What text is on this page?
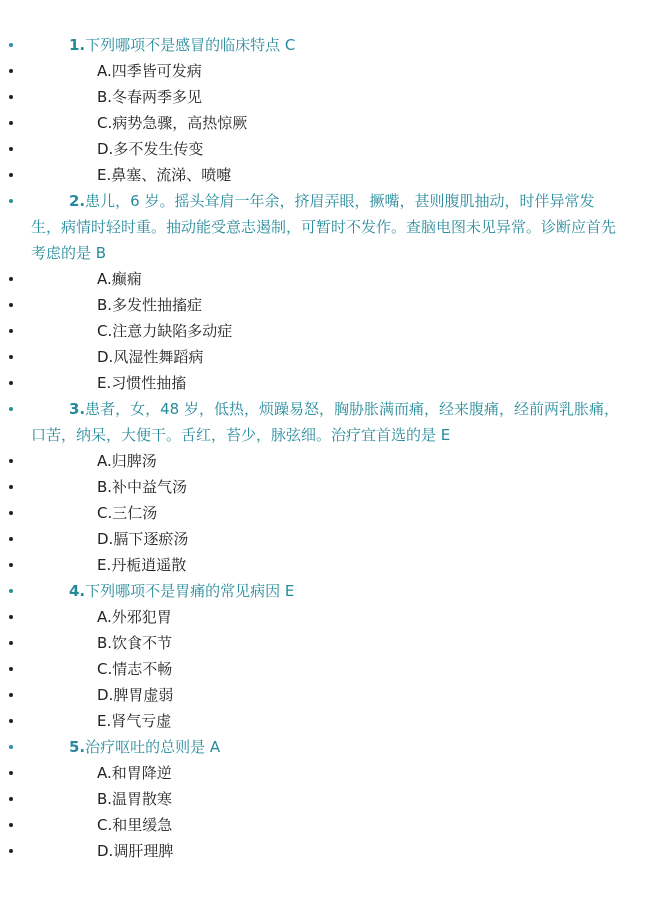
1.下列哪项不是感冒的临床特点 C
A.四季皆可发病
B.冬春两季多见
C.病势急骤，高热惊厥
D.多不发生传变
E.鼻塞、流涕、喷嚏
2.患儿，6 岁。摇头耸肩一年余，挤眉弄眼，撅嘴，甚则腹肌抽动，时伴异常发生，病情时轻时重。抽动能受意志遏制，可暂时不发作。查脑电图未见异常。诊断应首先考虑的是 B
A.癫痫
B.多发性抽搐症
C.注意力缺陷多动症
D.风湿性舞蹈病
E.习惯性抽搐
3.患者，女，48 岁，低热，烦躁易怒，胸胁胀满而痛，经来腹痛，经前两乳胀痛，口苦，纳呆，大便干。舌红，苔少，脉弦细。治疗宜首选的是 E
A.归脾汤
B.补中益气汤
C.三仁汤
D.膈下逐瘀汤
E.丹栀逍遥散
4.下列哪项不是胃痛的常见病因 E
A.外邪犯胃
B.饮食不节
C.情志不畅
D.脾胃虚弱
E.肾气亏虚
5.治疗呕吐的总则是 A
A.和胃降逆
B.温胃散寒
C.和里缓急
D.调肝理脾
